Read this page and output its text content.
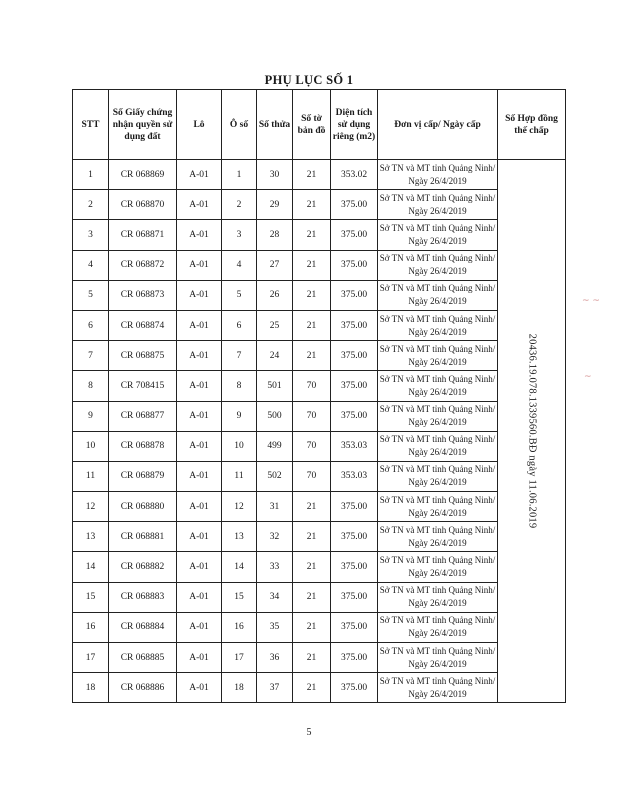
PHỤ LỤC SỐ 1
STT	Số Giấy chứng nhận quyền sử dụng đất	Lô	Ô số	Số thửa	Số tờ bản đồ	Diện tích sử dụng riêng (m2)	Đơn vị cấp/ Ngày cấp	Số Hợp đồng thế chấp
1	CR 068869	A-01	1	30	21	353.02	Sở TN và MT tỉnh Quảng Ninh/ Ngày 26/4/2019	20436.19.078.1339560.BĐ ngày 11.06.2019

2	CR 068870	A-01	2	29	21	375.00	Sở TN và MT tỉnh Quảng Ninh/ Ngày 26/4/2019	
3	CR 068871	A-01	3	28	21	375.00	Sở TN và MT tỉnh Quảng Ninh/ Ngày 26/4/2019	
4	CR 068872	A-01	4	27	21	375.00	Sở TN và MT tỉnh Quảng Ninh/ Ngày 26/4/2019	
5	CR 068873	A-01	5	26	21	375.00	Sở TN và MT tỉnh Quảng Ninh/ Ngày 26/4/2019	
6	CR 068874	A-01	6	25	21	375.00	Sở TN và MT tỉnh Quảng Ninh/ Ngày 26/4/2019	
7	CR 068875	A-01	7	24	21	375.00	Sở TN và MT tỉnh Quảng Ninh/ Ngày 26/4/2019	
8	CR 708415	A-01	8	501	70	375.00	Sở TN và MT tỉnh Quảng Ninh/ Ngày 26/4/2019	
9	CR 068877	A-01	9	500	70	375.00	Sở TN và MT tỉnh Quảng Ninh/ Ngày 26/4/2019	
10	CR 068878	A-01	10	499	70	353.03	Sở TN và MT tỉnh Quảng Ninh/ Ngày 26/4/2019	
11	CR 068879	A-01	11	502	70	353.03	Sở TN và MT tỉnh Quảng Ninh/ Ngày 26/4/2019	
12	CR 068880	A-01	12	31	21	375.00	Sở TN và MT tỉnh Quảng Ninh/ Ngày 26/4/2019	
13	CR 068881	A-01	13	32	21	375.00	Sở TN và MT tỉnh Quảng Ninh/ Ngày 26/4/2019	
14	CR 068882	A-01	14	33	21	375.00	Sở TN và MT tỉnh Quảng Ninh/ Ngày 26/4/2019	
15	CR 068883	A-01	15	34	21	375.00	Sở TN và MT tỉnh Quảng Ninh/ Ngày 26/4/2019	
16	CR 068884	A-01	16	35	21	375.00	Sở TN và MT tỉnh Quảng Ninh/ Ngày 26/4/2019	
17	CR 068885	A-01	17	36	21	375.00	Sở TN và MT tỉnh Quảng Ninh/ Ngày 26/4/2019	
18	CR 068886	A-01	18	37	21	375.00	Sở TN và MT tỉnh Quảng Ninh/ Ngày 26/4/2019	
5
~ ~
~
